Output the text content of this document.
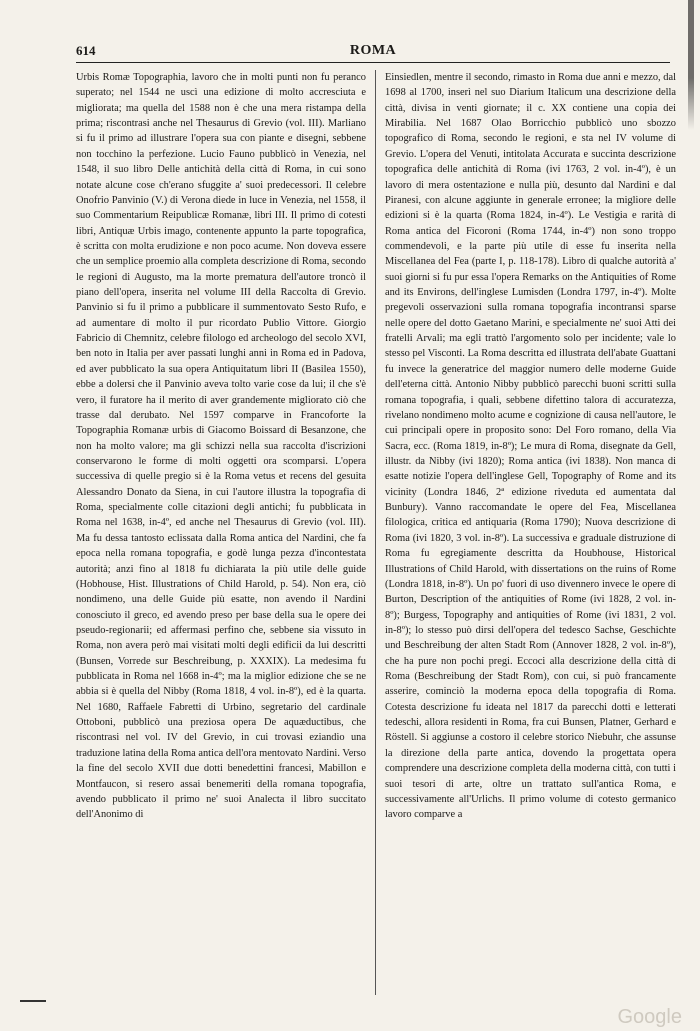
614	ROMA

Urbis Romæ Topographia, lavoro che in molti punti non fu peranco superato; nel 1544 ne uscì una edizione di molto accresciuta e migliorata; ma quella del 1588 non è che una mera ristampa della prima; riscontrasi anche nel Thesaurus di Grevio (vol. III). Marliano si fu il primo ad illustrare l'opera sua con piante e disegni, sebbene non tocchino la perfezione. Lucio Fauno pubblicò in Venezia, nel 1548, il suo libro Delle antichità della città di Roma, in cui sono notate alcune cose ch'erano sfuggite a' suoi predecessori. Il celebre Onofrio Panvinio (V.) di Verona diede in luce in Venezia, nel 1558, il suo Commentarium Reipublicæ Romanæ, libri III. Il primo di cotesti libri, Antiquæ Urbis imago, contenente appunto la parte topografica, è scritta con molta erudizione e non poco acume. Non doveva essere che un semplice proemio alla completa descrizione di Roma, secondo le regioni di Augusto, ma la morte prematura dell'autore troncò il piano dell'opera, inserita nel volume III della Raccolta di Grevio. Panvinio si fu il primo a pubblicare il summentovato Sesto Rufo, e ad aumentare di molto il pur ricordato Publio Vittore. Giorgio Fabricio di Chemnitz, celebre filologo ed archeologo del secolo XVI, ben noto in Italia per aver passati lunghi anni in Roma ed in Padova, ed aver pubblicato la sua opera Antiquitatum libri II (Basilea 1550), ebbe a dolersi che il Panvinio aveva tolto varie cose da lui; il che s'è vero, il furatore ha il merito di aver grandemente migliorato ciò che trasse dal derubato. Nel 1597 comparve in Francoforte la Topographia Romanæ urbis di Giacomo Boissard di Besanzone, che non ha molto valore; ma gli schizzi nella sua raccolta d'iscrizioni conservarono le forme di molti oggetti ora scomparsi. L'opera successiva di quelle pregio si è la Roma vetus et recens del gesuita Alessandro Donato da Siena, in cui l'autore illustra la topografia di Roma, specialmente colle citazioni degli antichi; fu pubblicata in Roma nel 1638, in-4º, ed anche nel Thesaurus di Grevio (vol. III). Ma fu dessa tantosto eclissata dalla Roma antica del Nardini, che fa epoca nella romana topografia, e godè lunga pezza d'incontestata autorità; anzi fino al 1818 fu dichiarata la più utile delle guide (Hobhouse, Hist. Illustrations of Child Harold, p. 54). Non era, ciò nondimeno, una delle Guide più esatte, non avendo il Nardini conosciuto il greco, ed avendo preso per base della sua le opere dei pseudo-regionarii; ed affermasi perfino che, sebbene sia vissuto in Roma, non avera però mai visitati molti degli edificii da lui descritti (Bunsen, Vorrede sur Beschreibung, p. XXXIX). La medesima fu pubblicata in Roma nel 1668 in-4º; ma la miglior edizione che se ne abbia si è quella del Nibby (Roma 1818, 4 vol. in-8º), ed è la quarta. Nel 1680, Raffaele Fabretti di Urbino, segretario del cardinale Ottoboni, pubblicò una preziosa opera De aquæductibus, che riscontrasi nel vol. IV del Grevio, in cui trovasi eziandio una traduzione latina della Roma antica dell'ora mentovato Nardini. Verso la fine del secolo XVII due dotti benedettini francesi, Mabillon e Montfaucon, si resero assai benemeriti della romana topografia, avendo pubblicato il primo ne' suoi Analecta il libro succitato dell'Anonimo di

Einsiedlen, mentre il secondo, rimasto in Roma due anni e mezzo, dal 1698 al 1700, inserì nel suo Diarium Italicum una descrizione della città, divisa in venti giornate; il c. XX contiene una copia dei Mirabilia. Nel 1687 Olao Borricchio pubblicò uno sbozzo topografico di Roma, secondo le regioni, e sta nel IV volume di Grevio. L'opera del Venuti, intitolata Accurata e succinta descrizione topografica delle antichità di Roma (ivi 1763, 2 vol. in-4º), è un lavoro di mera ostentazione e nulla più, desunto dal Nardini e dal Piranesi, con alcune aggiunte in generale erronee; la migliore delle edizioni si è la quarta (Roma 1824, in-4º). Le Vestigia e rarità di Roma antica del Ficoroni (Roma 1744, in-4º) non sono troppo commendevoli, e la parte più utile di esse fu inserita nella Miscellanea del Fea (parte I, p. 118-178). Libro di qualche autorità a' suoi giorni si fu pur essa l'opera Remarks on the Antiquities of Rome and its Environs, dell'inglese Lumisden (Londra 1797, in-4º). Molte pregevoli osservazioni sulla romana topografia incontransi sparse nelle opere del dotto Gaetano Marini, e specialmente ne' suoi Atti dei fratelli Arvali; ma egli trattò l'argomento solo per incidente; vale lo stesso pel Visconti. La Roma descritta ed illustrata dell'abate Guattani fu invece la generatrice del maggior numero delle moderne Guide dell'eterna città. Antonio Nibby pubblicò parecchi buoni scritti sulla romana topografia, i quali, sebbene difettino talora di accuratezza, rivelano nondimeno molto acume e cognizione di causa nell'autore, le cui principali opere in proposito sono: Del Foro romano, della Via Sacra, ecc. (Roma 1819, in-8º); Le mura di Roma, disegnate da Gell, illustr. da Nibby (ivi 1820); Roma antica (ivi 1838). Non manca di esatte notizie l'opera dell'inglese Gell, Topography of Rome and its vicinity (Londra 1846, 2ª edizione riveduta ed aumentata dal Bunbury). Vanno raccomandate le opere del Fea, Miscellanea filologica, critica ed antiquaria (Roma 1790); Nuova descrizione di Roma (ivi 1820, 3 vol. in-8º). La successiva e graduale distruzione di Roma fu egregiamente descritta da Houbhouse, Historical Illustrations of Child Harold, with dissertations on the ruins of Rome (Londra 1818, in-8º). Un po' fuori di uso divennero invece le opere di Burton, Description of the antiquities of Rome (ivi 1828, 2 vol. in-8º); Burgess, Topography and antiquities of Rome (ivi 1831, 2 vol. in-8º); lo stesso può dirsi dell'opera del tedesco Sachse, Geschichte und Beschreibung der alten Stadt Rom (Annover 1828, 2 vol. in-8º), che ha pure non pochi pregi. Eccoci alla descrizione della città di Roma (Beschreibung der Stadt Rom), con cui, si può francamente asserire, cominciò la moderna epoca della topografia di Roma. Cotesta descrizione fu ideata nel 1817 da parecchi dotti e letterati tedeschi, allora residenti in Roma, fra cui Bunsen, Platner, Gerhard e Röstell. Si aggiunse a costoro il celebre storico Niebuhr, che assunse la direzione della parte antica, dovendo la progettata opera comprendere una descrizione completa della moderna città, con tutti i suoi tesori di arte, oltre un trattato sull'antica Roma, e successivamente all'Urlichs. Il primo volume di cotesto germanico lavoro comparve a

Google
